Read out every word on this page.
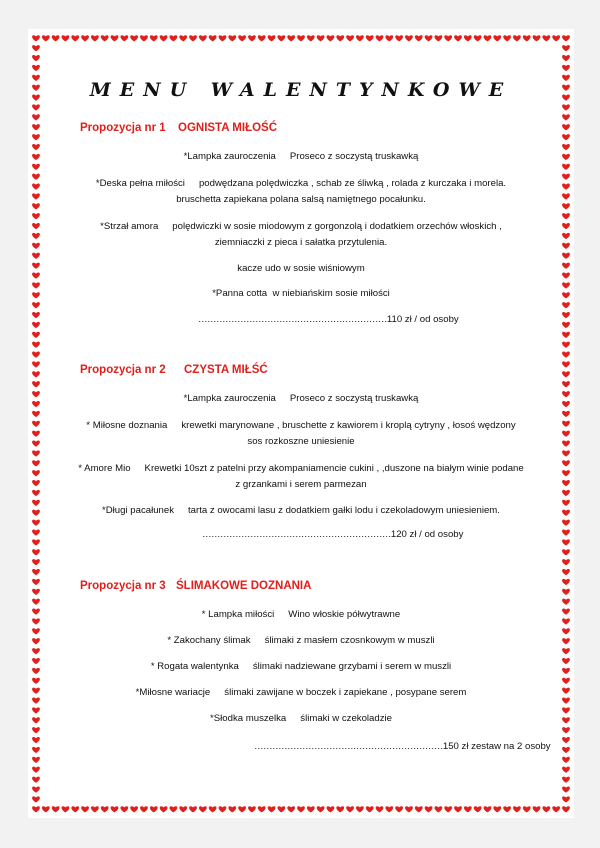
MENU WALENTYNKOWE
Propozycja nr 1 OGNISTA MIŁOŚĆ
*Lampka zauroczenia Proseco z soczystą truskawką
*Deska pełna miłości podwędzana polędwiczka , schab ze śliwką , rolada z kurczaka i morela. bruschetta zapiekana polana salsą namiętnego pocałunku.
*Strzał amora polędwiczki w sosie miodowym z gorgonzolą i dodatkiem orzechów włoskich , ziemniaczki z pieca i sałatka przytulenia.
kacze udo w sosie wiśniowym
*Panna cotta w niebiańskim sosie miłości
………………………………………………………110 zł / od osoby
Propozycja nr 2 CZYSTA MIŁŚĆ
*Lampka zauroczenia Proseco z soczystą truskawką
* Miłosne doznania krewetki marynowane , bruschette z kawiorem i kroplą cytryny , łosoś wędzony sos rozkoszne uniesienie
* Amore Mio Krewetki 10szt z patelni przy akompaniamencie cukini , ,duszone na białym winie podane z grzankami i serem parmezan
*Długi pacałunek tarta z owocami lasu z dodatkiem gałki lodu i czekoladowym uniesieniem.
………………………………………………………120 zł / od osoby
Propozycja nr 3 ŚLIMAKOWE DOZNANIA
* Lampka miłości Wino włoskie półwytrawne
* Zakochany ślimak ślimaki z masłem czosnkowym w muszli
* Rogata walentynka ślimaki nadziewane grzybami i serem w muszli
*Miłosne wariacje ślimaki zawijane w boczek i zapiekane , posypane serem
*Słodka muszelka ślimaki w czekoladzie
………………………………………………………150 zł zestaw na 2 osoby
